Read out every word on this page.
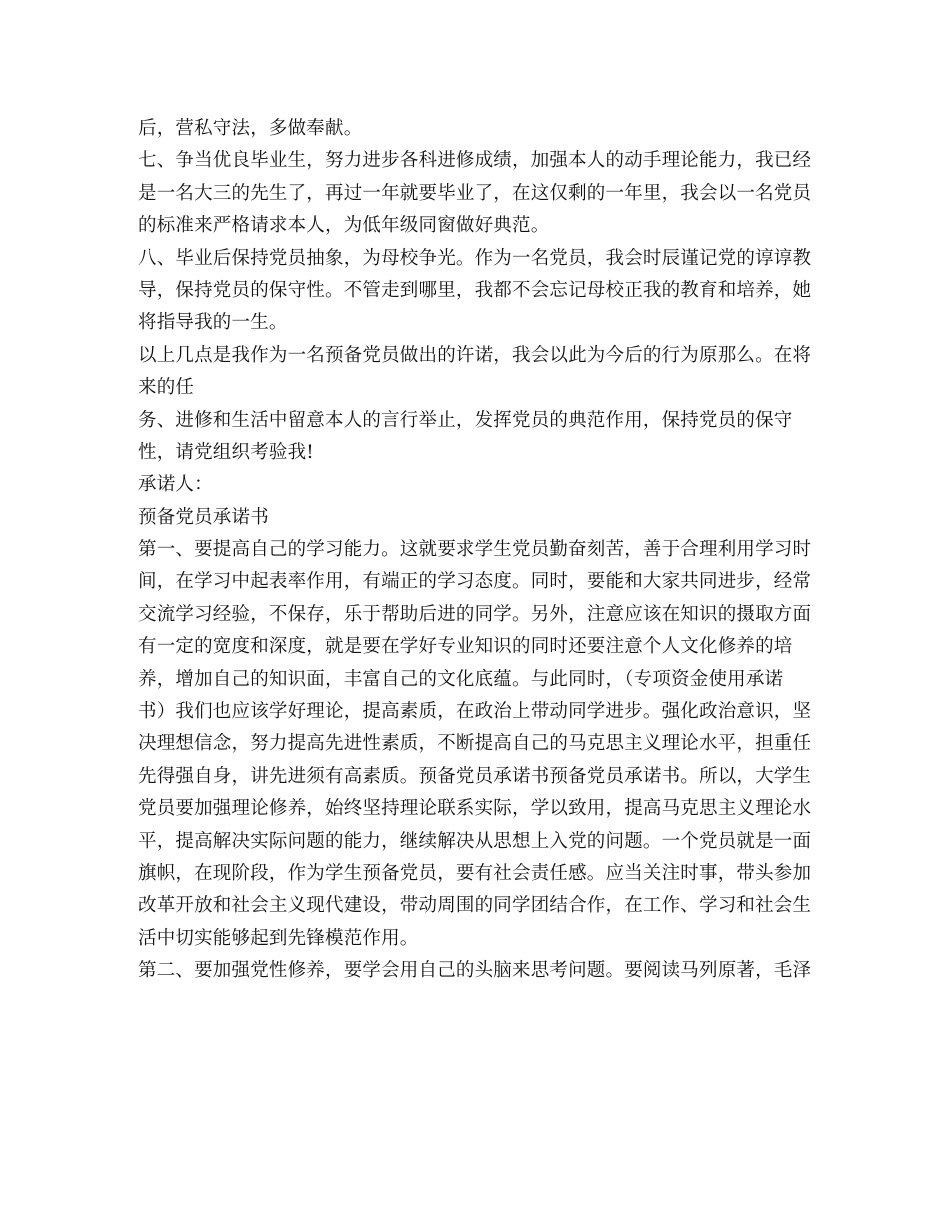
后，营私守法，多做奉献。
七、争当优良毕业生，努力进步各科进修成绩，加强本人的动手理论能力，我已经
是一名大三的先生了，再过一年就要毕业了，在这仅剩的一年里，我会以一名党员
的标准来严格请求本人，为低年级同窗做好典范。
八、毕业后保持党员抽象，为母校争光。作为一名党员，我会时辰谨记党的谆谆教
导，保持党员的保守性。不管走到哪里，我都不会忘记母校正我的教育和培养，她
将指导我的一生。
以上几点是我作为一名预备党员做出的许诺，我会以此为今后的行为原那么。在将
来的任
务、进修和生活中留意本人的言行举止，发挥党员的典范作用，保持党员的保守
性，请党组织考验我!
承诺人：
预备党员承诺书
第一、要提高自己的学习能力。这就要求学生党员勤奋刻苦，善于合理利用学习时
间，在学习中起表率作用，有端正的学习态度。同时，要能和大家共同进步，经常
交流学习经验，不保存，乐于帮助后进的同学。另外，注意应该在知识的摄取方面
有一定的宽度和深度，就是要在学好专业知识的同时还要注意个人文化修养的培
养，增加自己的知识面，丰富自己的文化底蕴。与此同时，（专项资金使用承诺
书）我们也应该学好理论，提高素质，在政治上带动同学进步。强化政治意识，坚
决理想信念，努力提高先进性素质，不断提高自己的马克思主义理论水平，担重任
先得强自身，讲先进须有高素质。预备党员承诺书预备党员承诺书。所以，大学生
党员要加强理论修养，始终坚持理论联系实际，学以致用，提高马克思主义理论水
平，提高解决实际问题的能力，继续解决从思想上入党的问题。一个党员就是一面
旗帜，在现阶段，作为学生预备党员，要有社会责任感。应当关注时事，带头参加
改革开放和社会主义现代建设，带动周围的同学团结合作，在工作、学习和社会生
活中切实能够起到先锋模范作用。
第二、要加强党性修养，要学会用自己的头脑来思考问题。要阅读马列原著，毛泽
